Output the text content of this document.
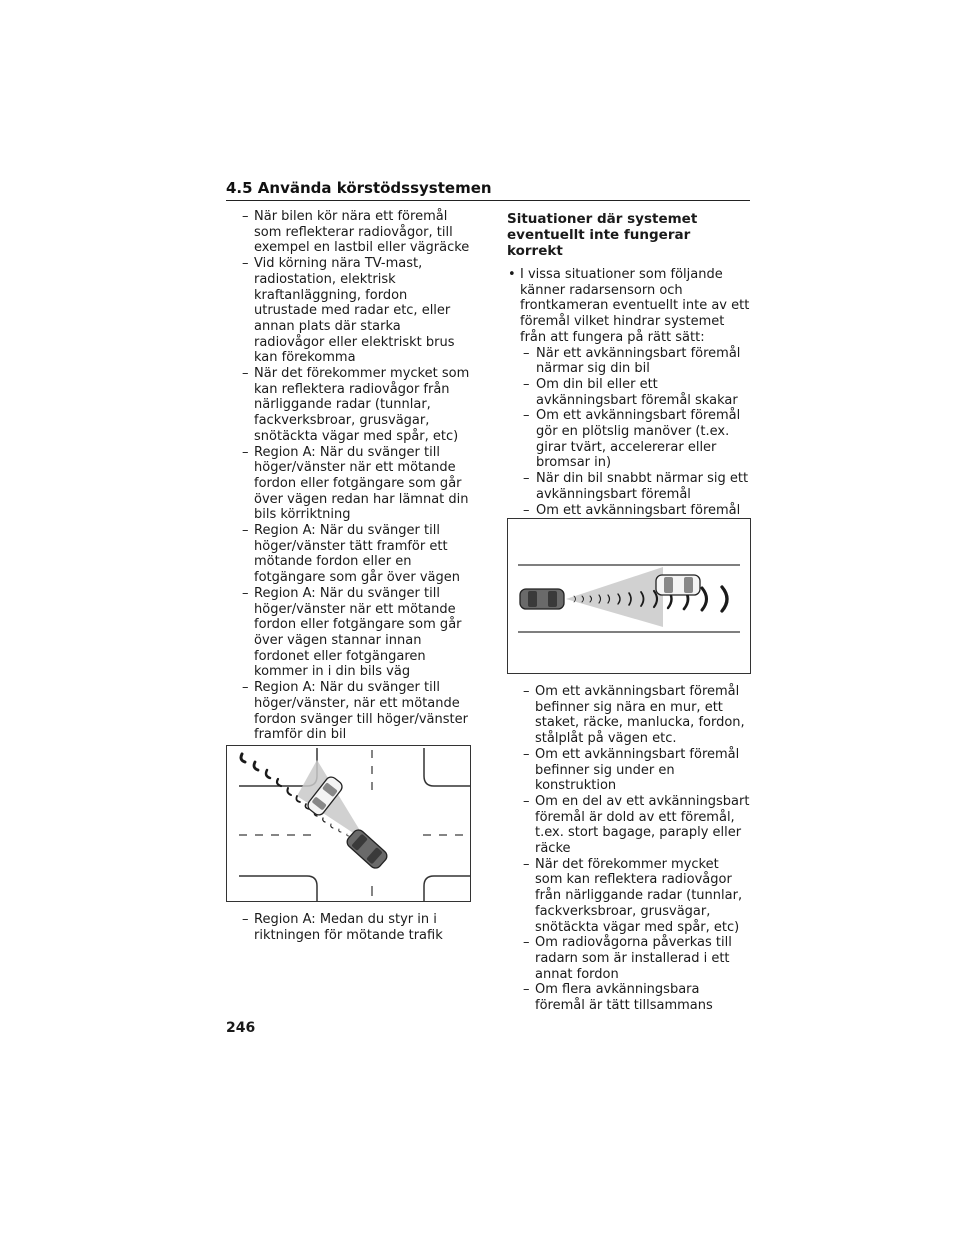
4.5 Använda körstödssystemen
– När bilen kör nära ett föremål som reflekterar radiovågor, till exempel en lastbil eller vägräcke
– Vid körning nära TV-mast, radiostation, elektrisk kraftanläggning, fordon utrustade med radar etc, eller annan plats där starka radiovågor eller elektriskt brus kan förekomma
– När det förekommer mycket som kan reflektera radiovågor från närliggande radar (tunnlar, fackverksbroar, grusvägar, snötäckta vägar med spår, etc)
– Region A: När du svänger till höger/vänster när ett mötande fordon eller fotgängare som går över vägen redan har lämnat din bils körriktning
– Region A: När du svänger till höger/vänster tätt framför ett mötande fordon eller en fotgängare som går över vägen
– Region A: När du svänger till höger/vänster när ett mötande fordon eller fotgängare som går över vägen stannar innan fordonet eller fotgängaren kommer in i din bils väg
– Region A: När du svänger till höger/vänster, när ett mötande fordon svänger till höger/vänster framför din bil
– Region A: Medan du styr in i riktningen för mötande trafik

Situationer där systemet eventuellt inte fungerar korrekt

• I vissa situationer som följande känner radarsensorn och frontkameran eventuellt inte av ett föremål vilket hindrar systemet från att fungera på rätt sätt:
– När ett avkänningsbart föremål närmar sig din bil
– Om din bil eller ett avkänningsbart föremål skakar
– Om ett avkänningsbart föremål gör en plötslig manöver (t.ex. girar tvärt, accelererar eller bromsar in)
– När din bil snabbt närmar sig ett avkänningsbart föremål
– Om ett avkänningsbart föremål
– Om ett avkänningsbart föremål befinner sig nära en mur, ett staket, räcke, manlucka, fordon, stålplåt på vägen etc.
– Om ett avkänningsbart föremål befinner sig under en konstruktion
– Om en del av ett avkänningsbart föremål är dold av ett föremål, t.ex. stort bagage, paraply eller räcke
– När det förekommer mycket som kan reflektera radiovågor från närliggande radar (tunnlar, fackverksbroar, grusvägar, snötäckta vägar med spår, etc)
– Om radiovågorna påverkas till radarn som är installerad i ett annat fordon
– Om flera avkänningsbara föremål är tätt tillsammans
246
